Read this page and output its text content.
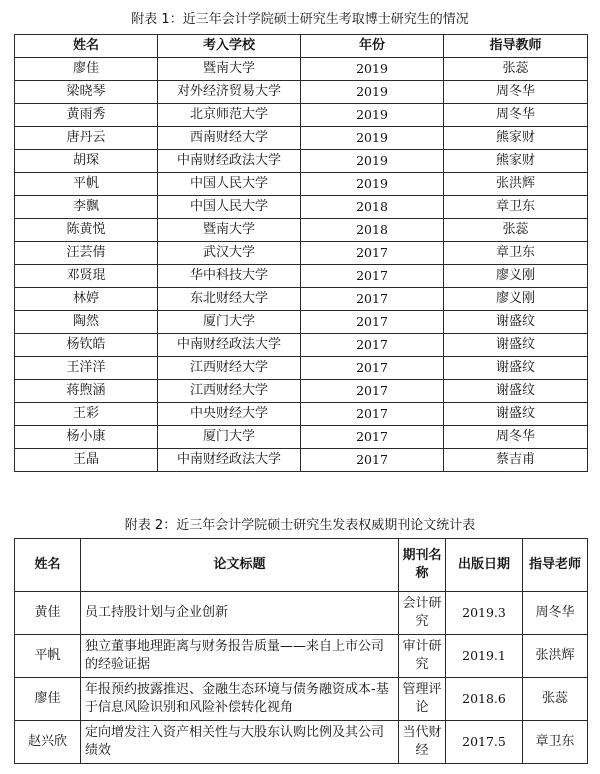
附表 1：近三年会计学院硕士研究生考取博士研究生的情况
姓名	考入学校	年份	指导教师
廖佳	暨南大学	2019	张蕊
梁晓琴	对外经济贸易大学	2019	周冬华
黄雨秀	北京师范大学	2019	周冬华
唐丹云	西南财经大学	2019	熊家财
胡琛	中南财经政法大学	2019	熊家财
平帆	中国人民大学	2019	张洪辉
李飘	中国人民大学	2018	章卫东
陈黄悦	暨南大学	2018	张蕊
汪芸倩	武汉大学	2017	章卫东
邓贤琨	华中科技大学	2017	廖义刚
林婷	东北财经大学	2017	廖义刚
陶然	厦门大学	2017	谢盛纹
杨钦皓	中南财经政法大学	2017	谢盛纹
王洋洋	江西财经大学	2017	谢盛纹
蒋煦涵	江西财经大学	2017	谢盛纹
王彩	中央财经大学	2017	谢盛纹
杨小康	厦门大学	2017	周冬华
王晶	中南财经政法大学	2017	蔡吉甫
附表 2：近三年会计学院硕士研究生发表权威期刊论文统计表
姓名	论文标题	期刊名称	出版日期	指导老师
黄佳	员工持股计划与企业创新	会计研究	2019.3	周冬华
平帆	独立董事地理距离与财务报告质量——来自上市公司的经验证据	审计研究	2019.1	张洪辉
廖佳	年报预约披露推迟、金融生态环境与债务融资成本-基于信息风险识别和风险补偿转化视角	管理评论	2018.6	张蕊
赵兴欣	定向增发注入资产相关性与大股东认购比例及其公司绩效	当代财经	2017.5	章卫东
